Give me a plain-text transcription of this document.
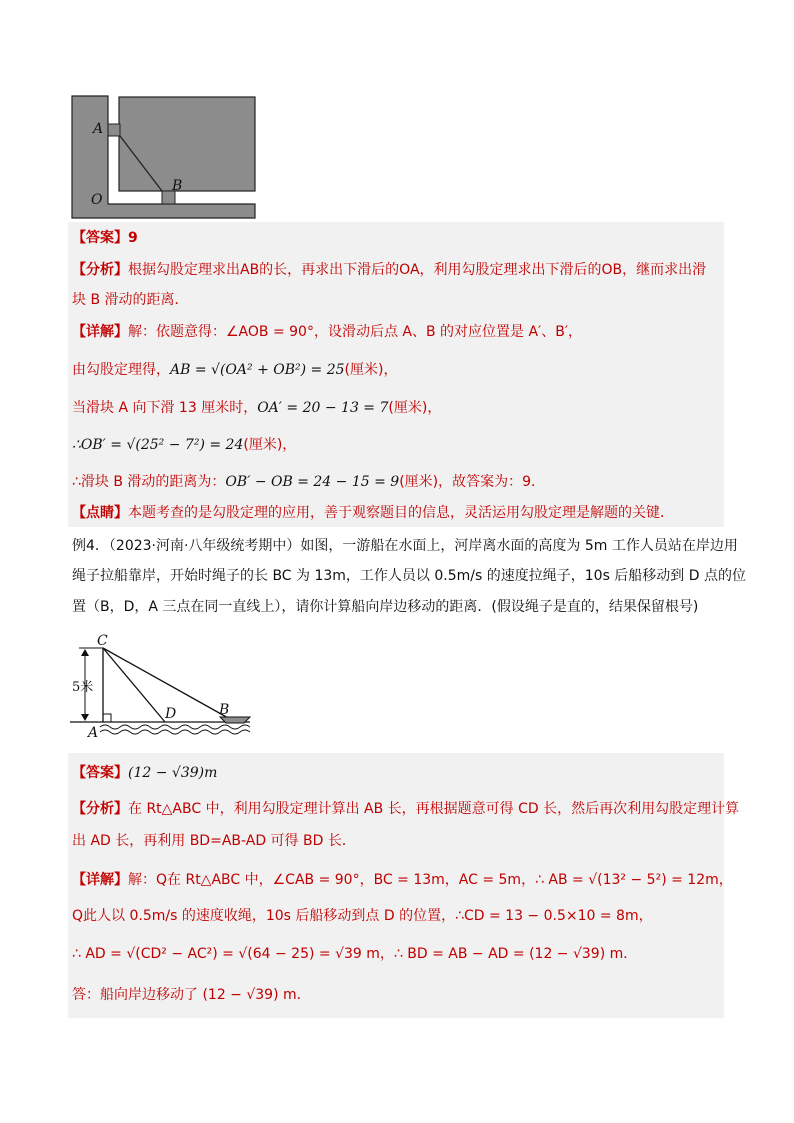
A
B
O
【答案】9
【分析】根据勾股定理求出AB的长，再求出下滑后的OA，利用勾股定理求出下滑后的OB，继而求出滑
块 B 滑动的距离．
【详解】解：依题意得：∠AOB = 90°，设滑动后点 A、B 的对应位置是 A′、B′，
由勾股定理得，AB = √(OA² + OB²) = 25(厘米)，
当滑块 A 向下滑 13 厘米时，OA′ = 20 − 13 = 7(厘米)，
∴OB′ = √(25² − 7²) = 24(厘米)，
∴滑块 B 滑动的距离为：OB′ − OB = 24 − 15 = 9(厘米)，故答案为：9．
【点睛】本题考查的是勾股定理的应用，善于观察题目的信息，灵活运用勾股定理是解题的关键．
例4．（2023·河南·八年级统考期中）如图，一游船在水面上，河岸离水面的高度为 5m 工作人员站在岸边用
绳子拉船靠岸，开始时绳子的长 BC 为 13m，工作人员以 0.5m/s 的速度拉绳子，10s 后船移动到 D 点的位
置（B，D，A 三点在同一直线上），请你计算船向岸边移动的距离．(假设绳子是直的，结果保留根号)
C
D	B
A
5米
【答案】(12 − √39)m
【分析】在 Rt△ABC 中，利用勾股定理计算出 AB 长，再根据题意可得 CD 长，然后再次利用勾股定理计算
出 AD 长，再利用 BD=AB-AD 可得 BD 长．
【详解】解：Q在 Rt△ABC 中，∠CAB = 90°，BC = 13m，AC = 5m，∴ AB = √(13² − 5²) = 12m，
Q此人以 0.5m/s 的速度收绳，10s 后船移动到点 D 的位置，∴CD = 13 − 0.5×10 = 8m，
∴ AD = √(CD² − AC²) = √(64 − 25) = √39 m，∴ BD = AB − AD = (12 − √39) m．
答：船向岸边移动了 (12 − √39) m．
